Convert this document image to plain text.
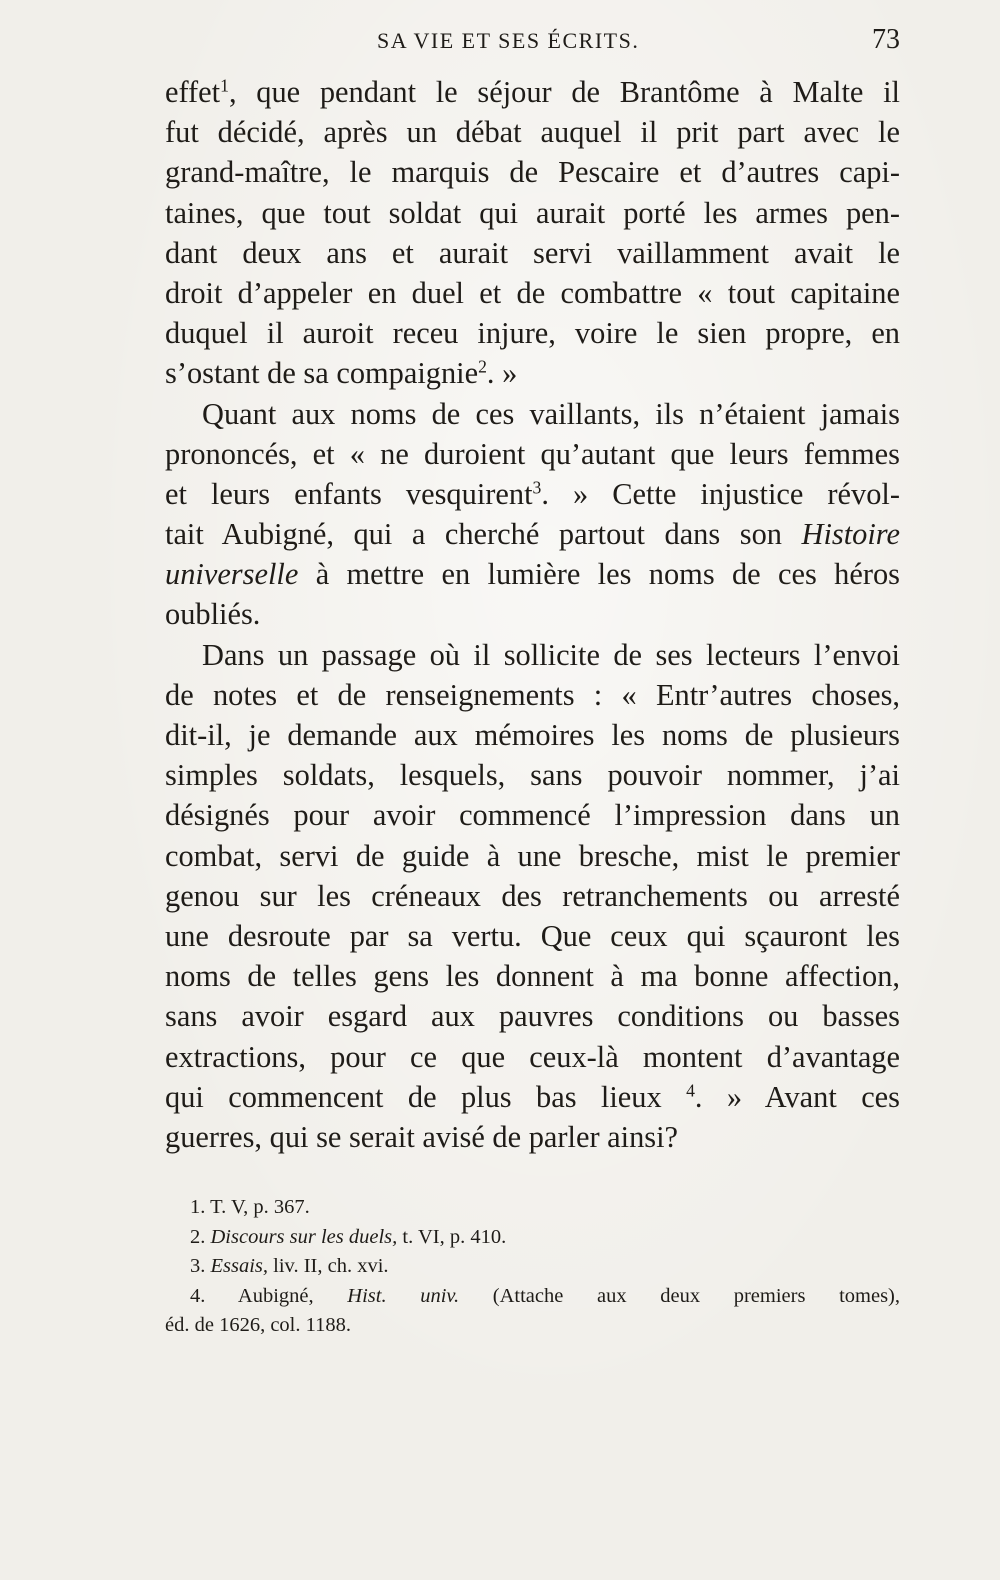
SA VIE ET SES ÉCRITS.	73
effet$^1$, que pendant le séjour de Brantôme à Malte il
fut décidé, après un débat auquel il prit part avec le
grand-maître, le marquis de Pescaire et d’autres capi-
taines, que tout soldat qui aurait porté les armes pen-
dant deux ans et aurait servi vaillamment avait le
droit d’appeler en duel et de combattre « tout capitaine
duquel il auroit receu injure, voire le sien propre, en
s’ostant de sa compaignie$^2$. »
Quant aux noms de ces vaillants, ils n’étaient jamais
prononcés, et « ne duroient qu’autant que leurs femmes
et leurs enfants vesquirent$^3$. » Cette injustice révol-
tait Aubigné, qui a cherché partout dans son Histoire
universelle à mettre en lumière les noms de ces héros
oubliés.
Dans un passage où il sollicite de ses lecteurs l’envoi
de notes et de renseignements : « Entr’autres choses,
dit-il, je demande aux mémoires les noms de plusieurs
simples soldats, lesquels, sans pouvoir nommer, j’ai
désignés pour avoir commencé l’impression dans un
combat, servi de guide à une bresche, mist le premier
genou sur les créneaux des retranchements ou arresté
une desroute par sa vertu. Que ceux qui sçauront les
noms de telles gens les donnent à ma bonne affection,
sans avoir esgard aux pauvres conditions ou basses
extractions, pour ce que ceux-là montent d’avantage
qui commencent de plus bas lieux $^4$. » Avant ces
guerres, qui se serait avisé de parler ainsi?
1. T. V, p. 367.
2. Discours sur les duels, t. VI, p. 410.
3. Essais, liv. II, ch. xvi.
4. Aubigné, Hist. univ. (Attache aux deux premiers tomes),
éd. de 1626, col. 1188.
